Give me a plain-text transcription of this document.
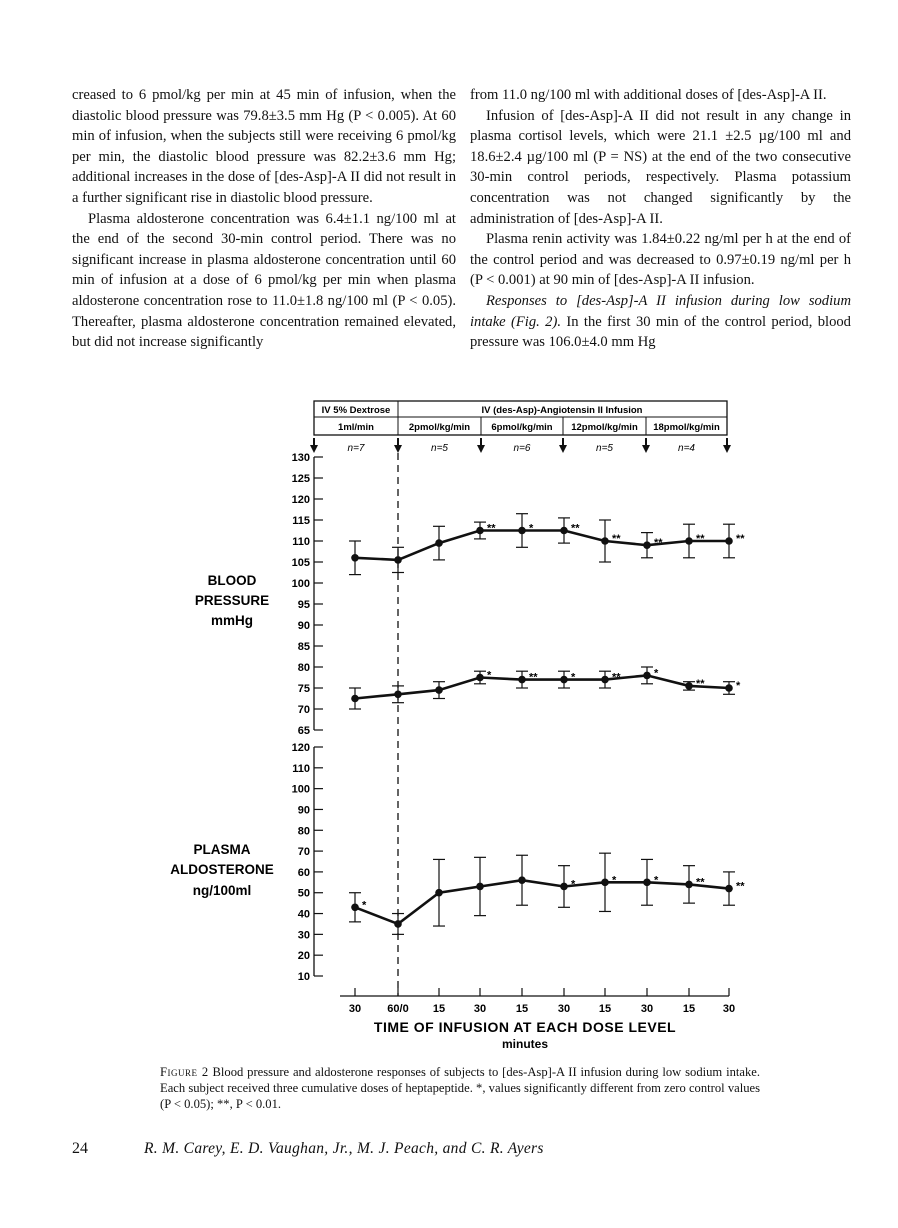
creased to 6 pmol/kg per min at 45 min of infusion, when the diastolic blood pressure was 79.8±3.5 mm Hg (P < 0.005). At 60 min of infusion, when the subjects still were receiving 6 pmol/kg per min, the diastolic blood pressure was 82.2±3.6 mm Hg; additional increases in the dose of [des-Asp]-A II did not result in a further significant rise in diastolic blood pressure.

Plasma aldosterone concentration was 6.4±1.1 ng/100 ml at the end of the second 30-min control period. There was no significant increase in plasma aldosterone concentration until 60 min of infusion at a dose of 6 pmol/kg per min when plasma aldosterone concentration rose to 11.0±1.8 ng/100 ml (P < 0.05). Thereafter, plasma aldosterone concentration remained elevated, but did not increase significantly

from 11.0 ng/100 ml with additional doses of [des-Asp]-A II.

Infusion of [des-Asp]-A II did not result in any change in plasma cortisol levels, which were 21.1 ±2.5 µg/100 ml and 18.6±2.4 µg/100 ml (P = NS) at the end of the two consecutive 30-min control periods, respectively. Plasma potassium concentration was not changed significantly by the administration of [des-Asp]-A II.

Plasma renin activity was 1.84±0.22 ng/ml per h at the end of the control period and was decreased to 0.97±0.19 ng/ml per h (P < 0.001) at 90 min of [des-Asp]-A II infusion.

Responses to [des-Asp]-A II infusion during low sodium intake (Fig. 2). In the first 30 min of the control period, blood pressure was 106.0±4.0 mm Hg

IV 5% Dextrose
1ml/min
IV (des-Asp)-Angiotensin II Infusion
2pmol/kg/min 6pmol/kg/min 12pmol/kg/min 18pmol/kg/min
n=7	n=5	n=6	n=5	n=4
130
125
120
115
110
105
100
95
90
85
80
75
70
65
120
110
100
90
80
70
60
50
40
30
20
10
30 60/0 15	30	15	30	15	30	15	30
TIME OF INFUSION AT EACH DOSE LEVEL
minutes
BLOOD
PRESSURE
mmHg
PLASMA
ALDOSTERONE
ng/100ml
**	*	**
**	**	**	**
*	**	*	**	*
**	*
*
*	*	*	**	**
Figure 2 Blood pressure and aldosterone responses of subjects to [des-Asp]-A II infusion during low sodium intake. Each subject received three cumulative doses of heptapeptide. *, values significantly different from zero control values (P < 0.05); **, P < 0.01.
24	R. M. Carey, E. D. Vaughan, Jr., M. J. Peach, and C. R. Ayers
